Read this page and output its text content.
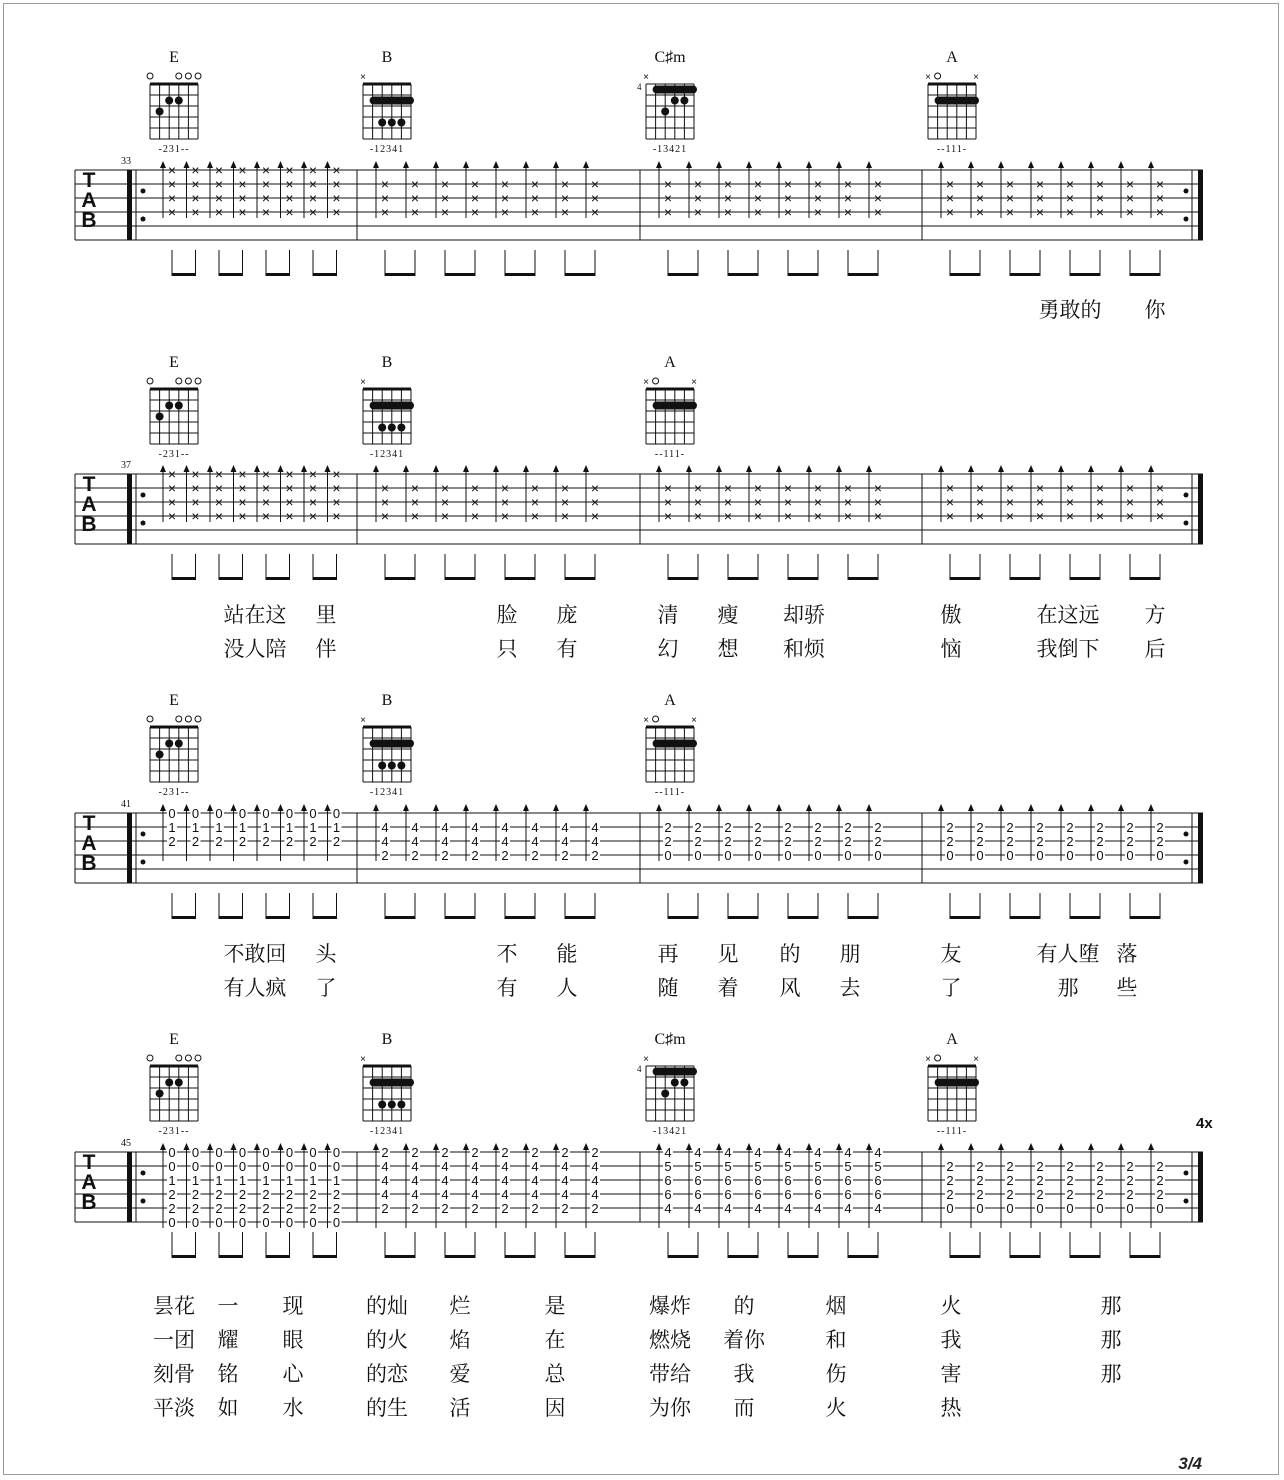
E
-231--
B
×
-12341
C♯m
×
4
-13421
A
×	×
--111-
T
A
B
33
×
×
×
×
×
×
×
×
×
×
×
×
×
×
×
×
×
×
×
×
×
×
×
×
×
×
×
×
×
×
×
×
×
×
×
×
×
×
×
×
×
×
×
×
×
×
×
×
×
×
×
×
×
×
×
×
×
×
×
×
×
×
×
×
×
×
×
×
×
×
×
×
×
×
×
×
×
×
×
×
×
×
×
×
×
×
×
×
×
×
×
×
×
×
×
×
×
×
×
×
×
×
×
×
勇敢的 你
E
-231--
B
×
-12341
A
×	×
--111-
T
A
B
37
×
×
×
×
×
×
×
×
×
×
×
×
×
×
×
×
×
×
×
×
×
×
×
×
×
×
×
×
×
×
×
×
×
×
×
×
×
×
×
×
×
×
×
×
×
×
×
×
×
×
×
×
×
×
×
×
×
×
×
×
×
×
×
×
×
×
×
×
×
×
×
×
×
×
×
×
×
×
×
×
×
×
×
×
×
×
×
×
×
×
×
×
×
×
×
×
×
×
×
×
×
×
×
×
站在这 里	脸 庞	清 瘦 却骄	傲	在这远 方
没人陪 伴	只 有	幻 想 和烦	恼	我倒下 后
E
-231--
B
×
-12341
A
×	×
--111-
T
A
B
41
0
1
2
0
1
2
0
1
2
0
1
2
0
1
2
0
1
2
0
1
2
0
1
2
4
4
2
4
4
2
4
4
2
4
4
2
4
4
2
4
4
2
4
4
2
4
4
2
2
2
0
2
2
0
2
2
0
2
2
0
2
2
0
2
2
0
2
2
0
2
2
0
2
2
0
2
2
0
2
2
0
2
2
0
2
2
0
2
2
0
2
2
0
2
2
0
不敢回 头	不 能	再 见 的 朋	友	有人堕 落
有人疯 了	有 人	随 着 风 去	了	那 些
E
-231--
B
×
-12341
C♯m
×
4
-13421
A
×	×
--111-
T
A
B
45
4x
0
0
1
2
2
0
0
0
1
2
2
0
0
0
1
2
2
0
0
0
1
2
2
0
0
0
1
2
2
0
0
0
1
2
2
0
0
0
1
2
2
0
0
0
1
2
2
0
2
4
4
4
2
2
4
4
4
2
2
4
4
4
2
2
4
4
4
2
2
4
4
4
2
2
4
4
4
2
2
4
4
4
2
2
4
4
4
2
4
5
6
6
4
4
5
6
6
4
4
5
6
6
4
4
5
6
6
4
4
5
6
6
4
4
5
6
6
4
4
5
6
6
4
4
5
6
6
4
2
2
2
0
2
2
2
0
2
2
2
0
2
2
2
0
2
2
2
0
2
2
2
0
2
2
2
0
2
2
2
0
昙花 一 现	的灿 烂	是	爆炸 的	烟	火	那
一团 耀 眼	的火 焰	在	燃烧 着你	和	我	那
刻骨 铭 心	的恋 爱	总	带给 我	伤	害	那
平淡 如 水	的生 活	因	为你 而	火	热
3/4
